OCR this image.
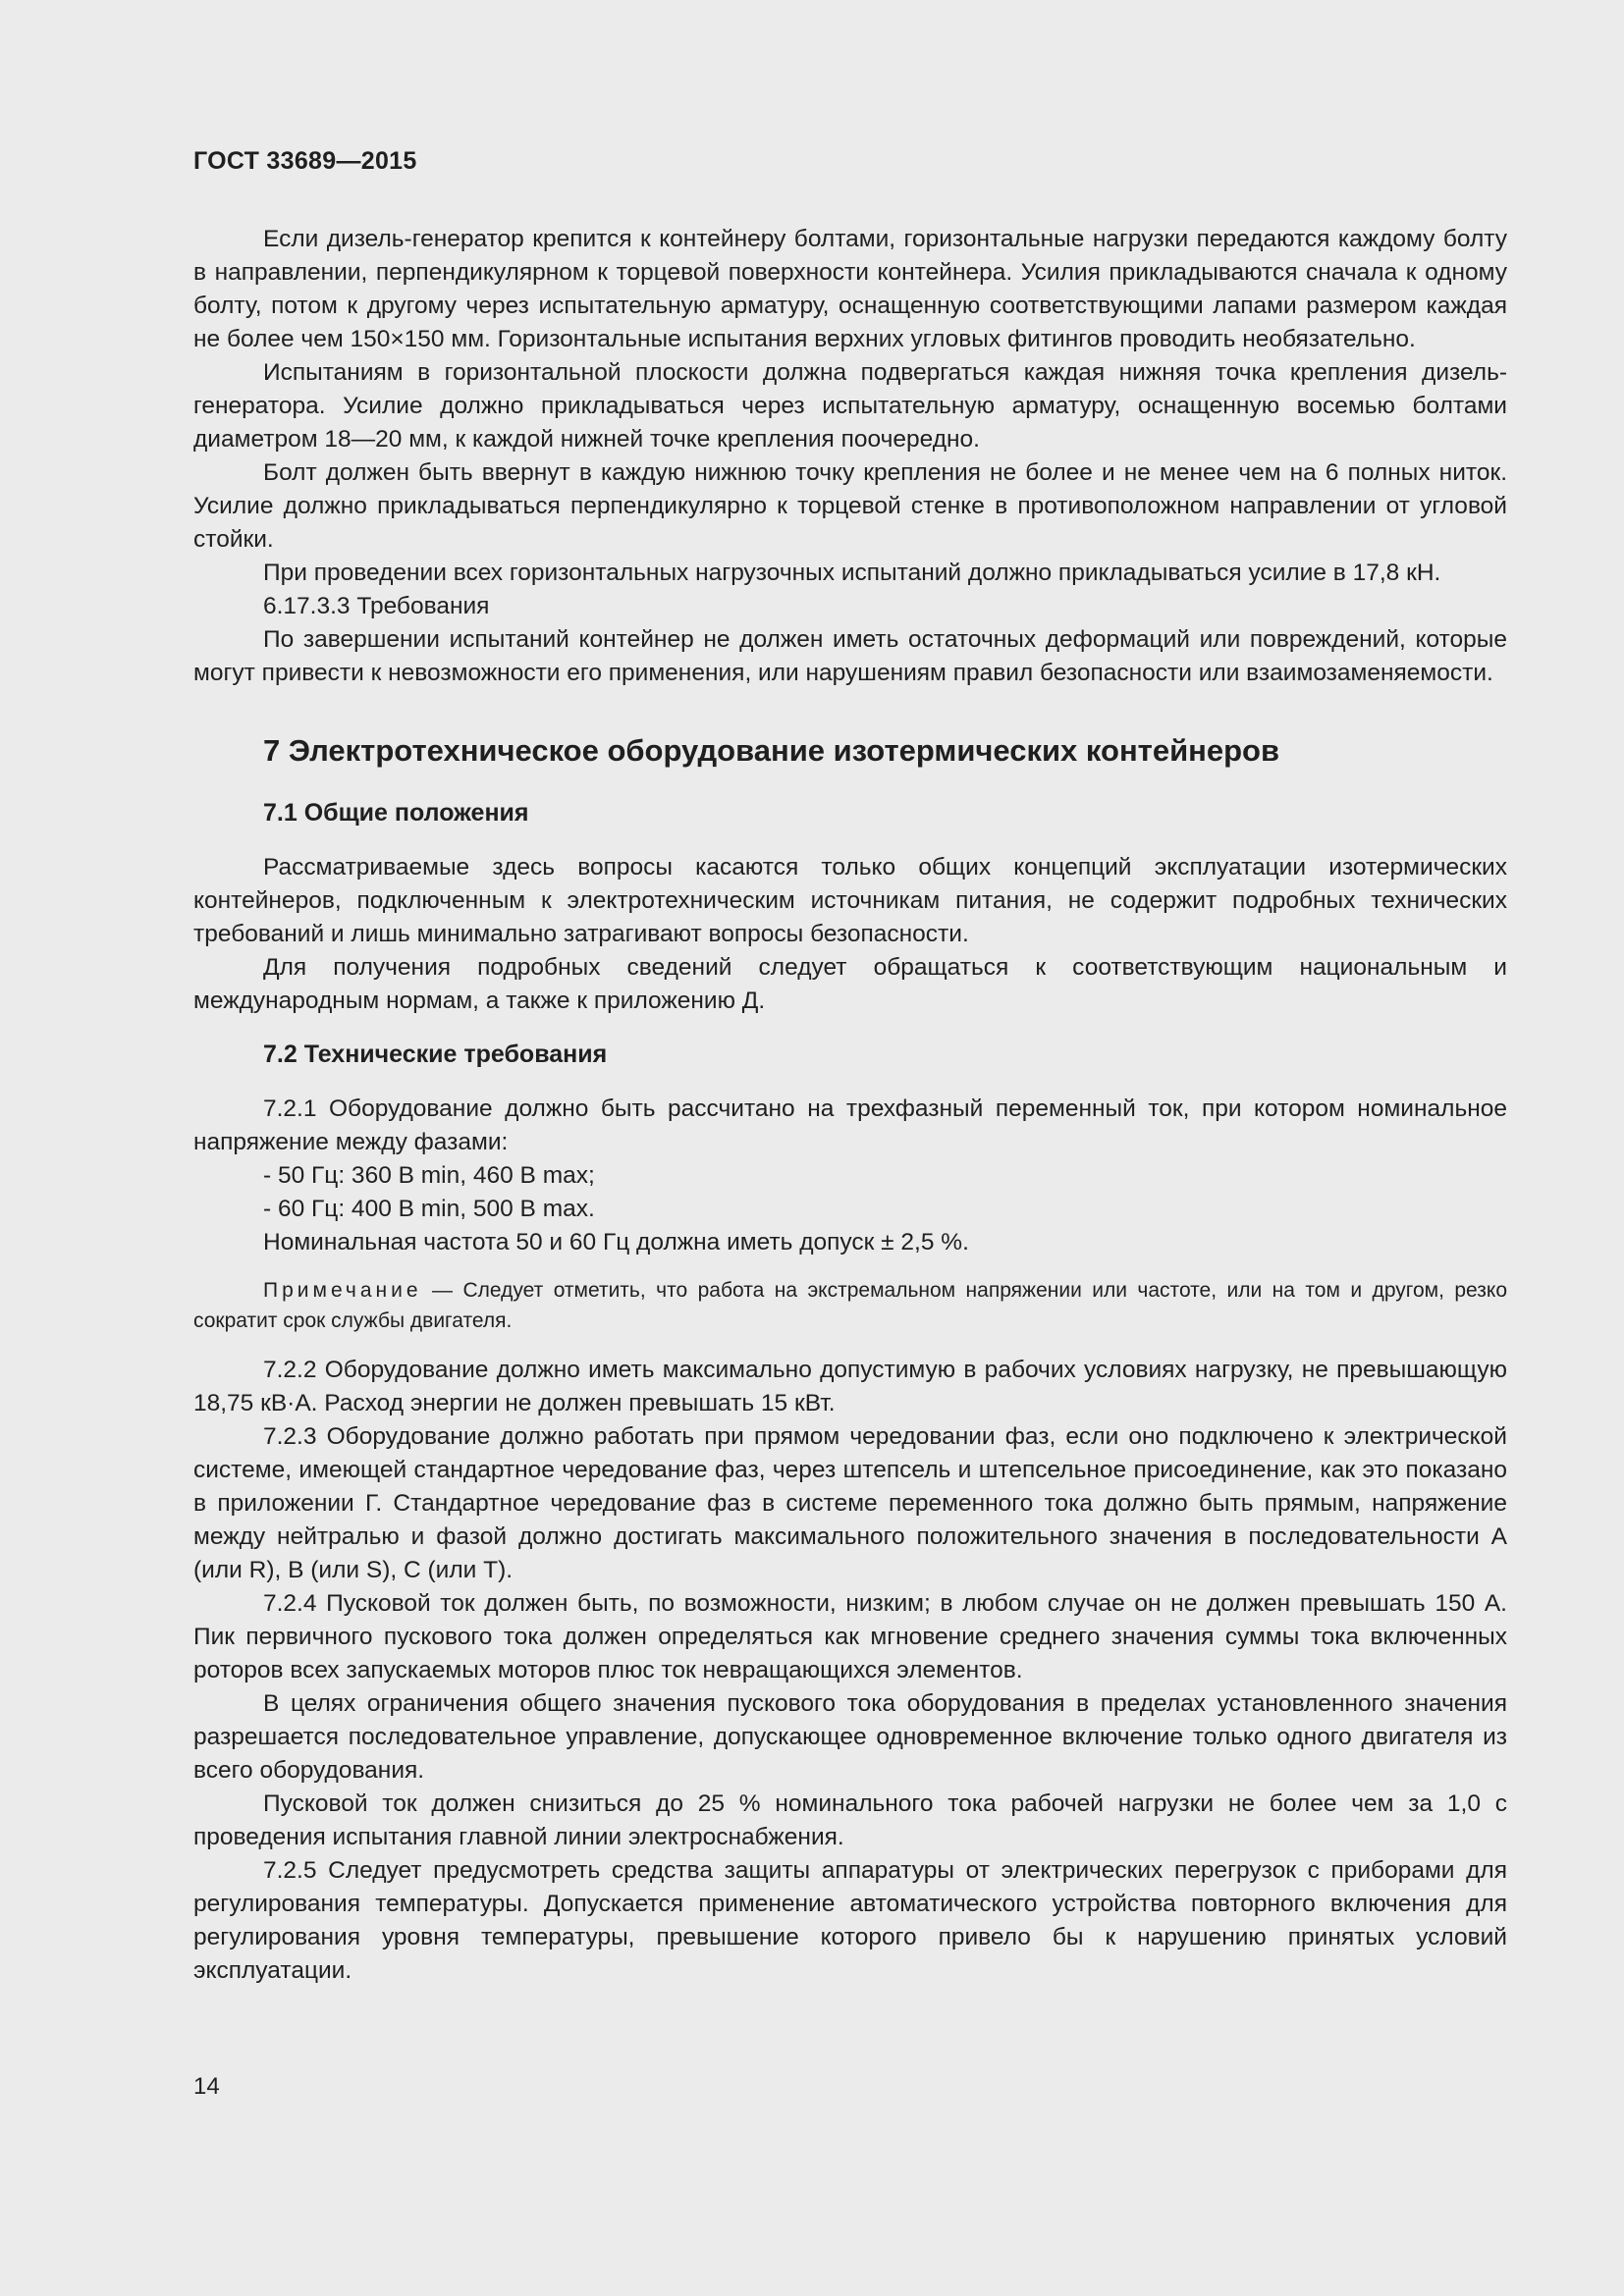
ГОСТ 33689—2015

Если дизель-генератор крепится к контейнеру болтами, горизонтальные нагрузки передаются каждому болту в направлении, перпендикулярном к торцевой поверхности контейнера. Усилия прикладываются сначала к одному болту, потом к другому через испытательную арматуру, оснащенную соответствующими лапами размером каждая не более чем 150×150 мм. Горизонтальные испытания верхних угловых фитингов проводить необязательно.

Испытаниям в горизонтальной плоскости должна подвергаться каждая нижняя точка крепления дизель-генератора. Усилие должно прикладываться через испытательную арматуру, оснащенную восемью болтами диаметром 18—20 мм, к каждой нижней точке крепления поочередно.

Болт должен быть ввернут в каждую нижнюю точку крепления не более и не менее чем на 6 полных ниток. Усилие должно прикладываться перпендикулярно к торцевой стенке в противоположном направлении от угловой стойки.

При проведении всех горизонтальных нагрузочных испытаний должно прикладываться усилие в 17,8 кН.

6.17.3.3 Требования

По завершении испытаний контейнер не должен иметь остаточных деформаций или повреждений, которые могут привести к невозможности его применения, или нарушениям правил безопасности или взаимозаменяемости.

7 Электротехническое оборудование изотермических контейнеров
7.1 Общие положения

Рассматриваемые здесь вопросы касаются только общих концепций эксплуатации изотермических контейнеров, подключенным к электротехническим источникам питания, не содержит подробных технических требований и лишь минимально затрагивают вопросы безопасности.

Для получения подробных сведений следует обращаться к соответствующим национальным и международным нормам, а также к приложению Д.

7.2 Технические требования

7.2.1 Оборудование должно быть рассчитано на трехфазный переменный ток, при котором номинальное напряжение между фазами:

- 50 Гц: 360 В min, 460 В max;

- 60 Гц: 400 В min, 500 В max.

Номинальная частота 50 и 60 Гц должна иметь допуск ± 2,5 %.

Примечание — Следует отметить, что работа на экстремальном напряжении или частоте, или на том и другом, резко сократит срок службы двигателя.

7.2.2 Оборудование должно иметь максимально допустимую в рабочих условиях нагрузку, не превышающую 18,75 кВ·А. Расход энергии не должен превышать 15 кВт.

7.2.3 Оборудование должно работать при прямом чередовании фаз, если оно подключено к электрической системе, имеющей стандартное чередование фаз, через штепсель и штепсельное присоединение, как это показано в приложении Г. Стандартное чередование фаз в системе переменного тока должно быть прямым, напряжение между нейтралью и фазой должно достигать максимального положительного значения в последовательности А (или R), В (или S), С (или Т).

7.2.4 Пусковой ток должен быть, по возможности, низким; в любом случае он не должен превышать 150 А. Пик первичного пускового тока должен определяться как мгновение среднего значения суммы тока включенных роторов всех запускаемых моторов плюс ток невращающихся элементов.

В целях ограничения общего значения пускового тока оборудования в пределах установленного значения разрешается последовательное управление, допускающее одновременное включение только одного двигателя из всего оборудования.

Пусковой ток должен снизиться до 25 % номинального тока рабочей нагрузки не более чем за 1,0 с проведения испытания главной линии электроснабжения.

7.2.5 Следует предусмотреть средства защиты аппаратуры от электрических перегрузок с приборами для регулирования температуры. Допускается применение автоматического устройства повторного включения для регулирования уровня температуры, превышение которого привело бы к нарушению принятых условий эксплуатации.

14
